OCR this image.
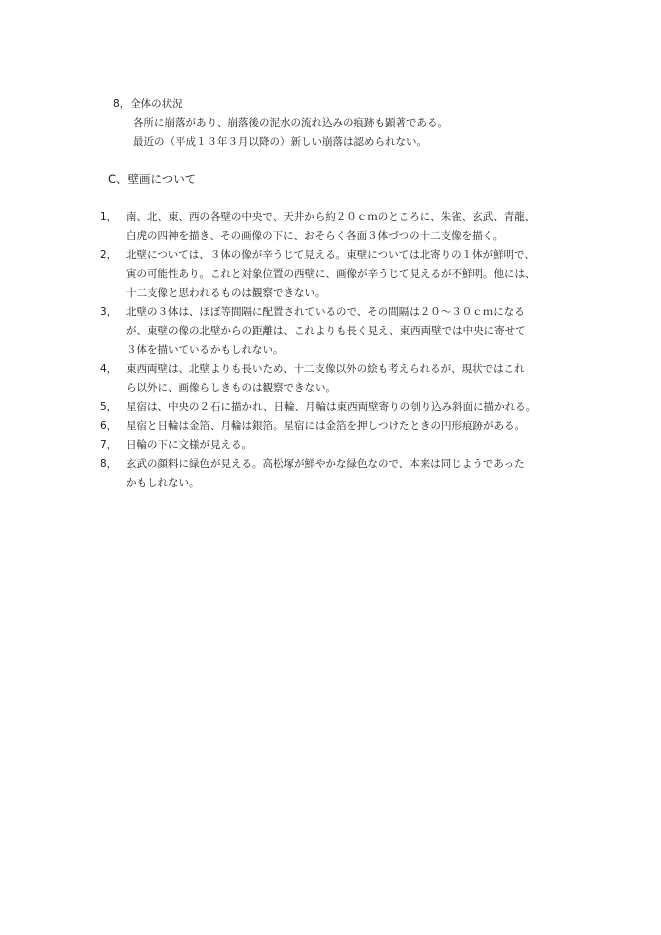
8，全体の状況
各所に崩落があり、崩落後の泥水の流れ込みの痕跡も顕著である。
最近の（平成１３年３月以降の）新しい崩落は認められない。
C、壁画について
1， 南、北、東、西の各壁の中央で、天井から約２０ｃｍのところに、朱雀、玄武、青龍、
白虎の四神を描き、その画像の下に、おそらく各面３体づつの十二支像を描く。
2， 北壁については、３体の像が辛うじて見える。東壁については北寄りの１体が鮮明で、
寅の可能性あり。これと対象位置の西壁に、画像が辛うじて見えるが不鮮明。他には、
十二支像と思われるものは観察できない。
3， 北壁の３体は、ほぼ等間隔に配置されているので、その間隔は２０～３０ｃｍになる
が、東壁の像の北壁からの距離は、これよりも長く見え、東西両壁では中央に寄せて
３体を描いているかもしれない。
4， 東西両壁は、北壁よりも長いため、十二支像以外の絵も考えられるが、現状ではこれ
ら以外に、画像らしきものは観察できない。
5， 星宿は、中央の２石に描かれ、日輪、月輪は東西両壁寄りの刳り込み斜面に描かれる。
6， 星宿と日輪は金箔、月輪は銀箔。星宿には金箔を押しつけたときの円形痕跡がある。
7， 日輪の下に文様が見える。
8， 玄武の顔料に緑色が見える。高松塚が鮮やかな緑色なので、本来は同じようであった
かもしれない。
